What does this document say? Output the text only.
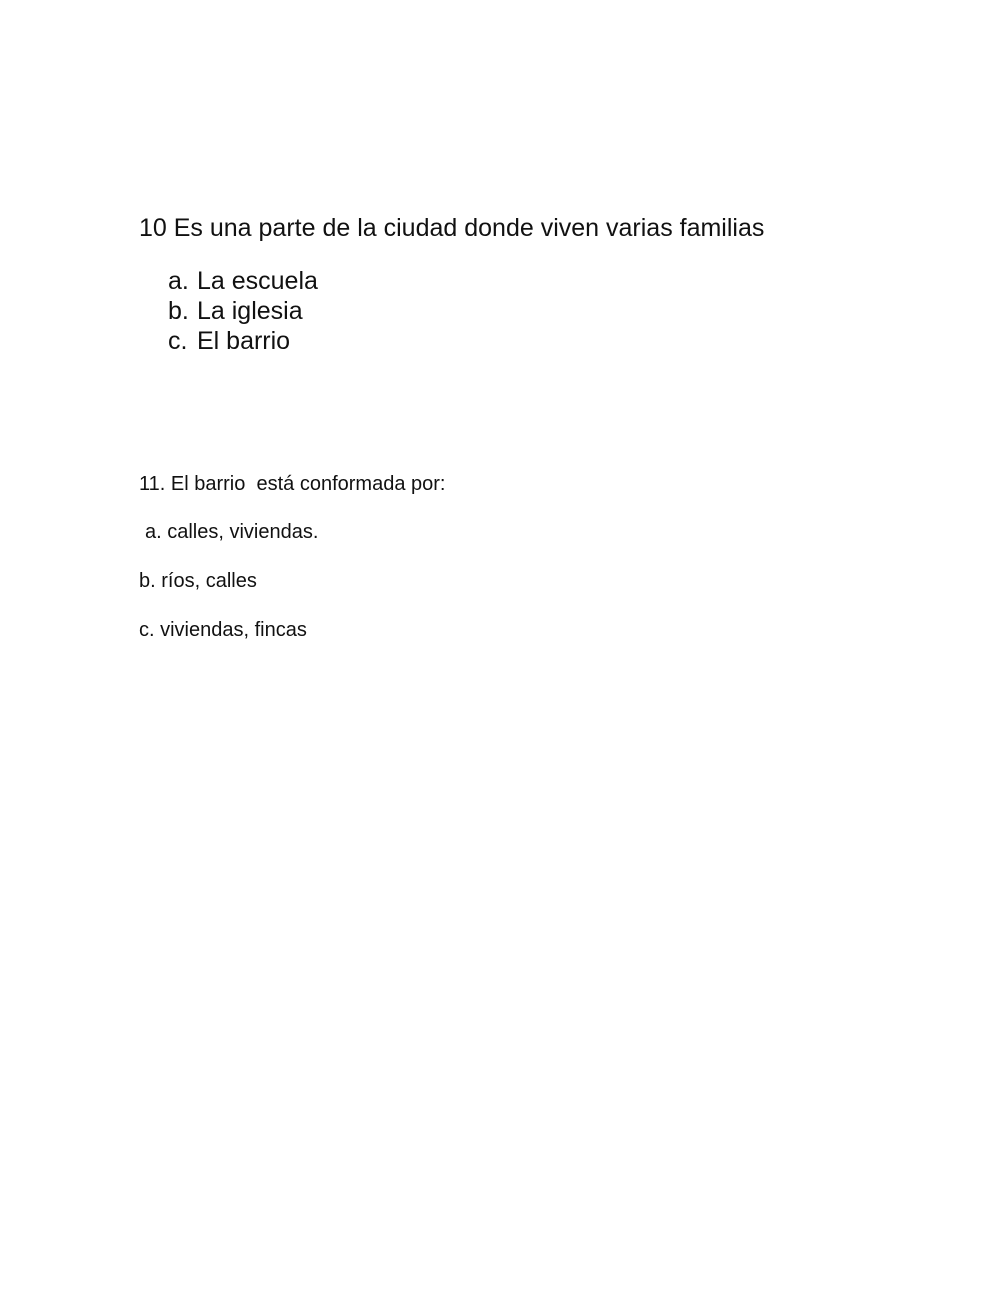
10 Es una parte de la ciudad donde viven varias familias
a. La escuela
b. La iglesia
c. El barrio
11. El barrio  está conformada por:
a. calles, viviendas.
b. ríos, calles
c. viviendas, fincas
